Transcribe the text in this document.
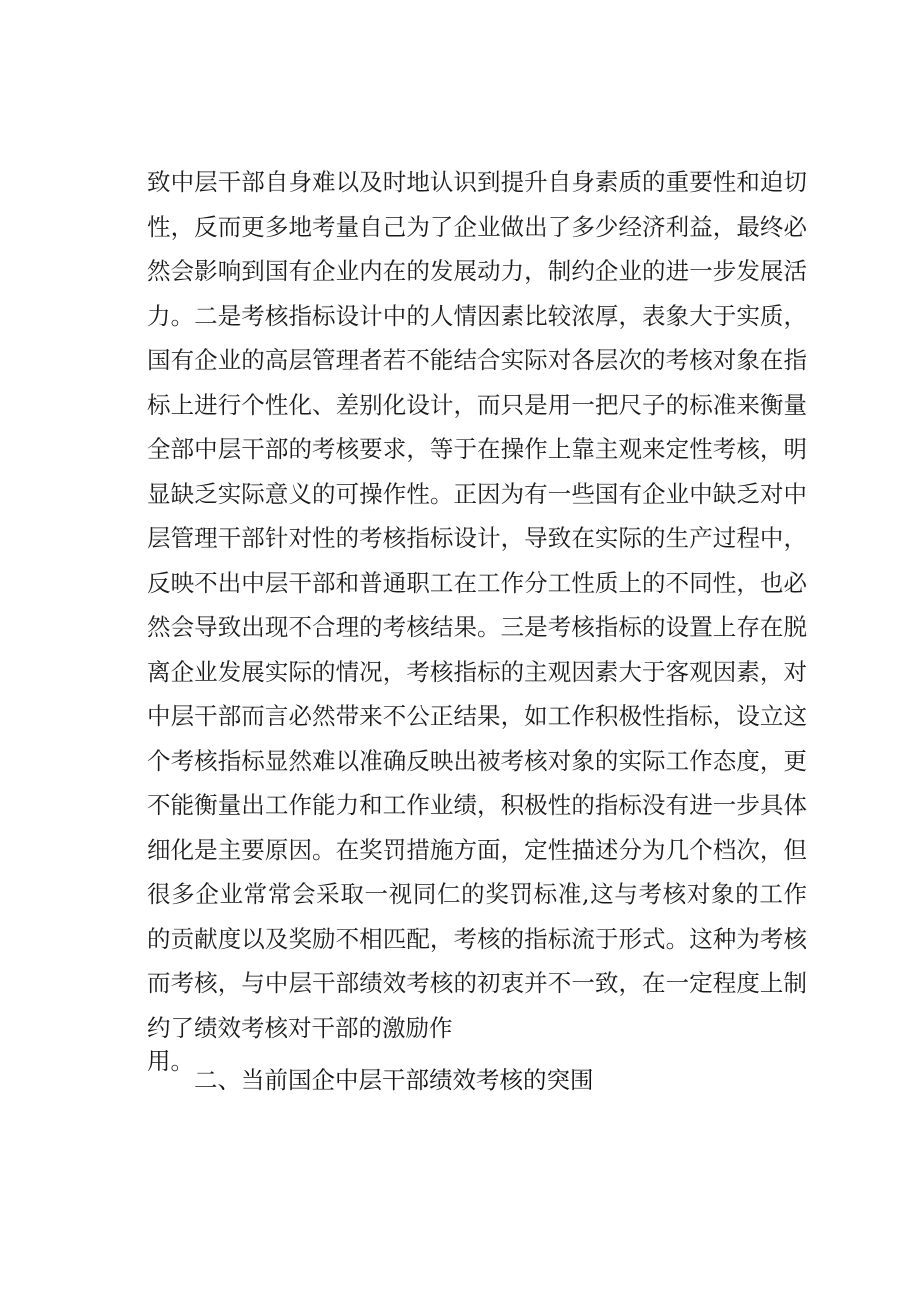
致中层干部自身难以及时地认识到提升自身素质的重要性和迫切
性，反而更多地考量自己为了企业做出了多少经济利益，最终必
然会影响到国有企业内在的发展动力，制约企业的进一步发展活
力。二是考核指标设计中的人情因素比较浓厚，表象大于实质，
国有企业的高层管理者若不能结合实际对各层次的考核对象在指
标上进行个性化、差别化设计，而只是用一把尺子的标准来衡量
全部中层干部的考核要求，等于在操作上靠主观来定性考核，明
显缺乏实际意义的可操作性。正因为有一些国有企业中缺乏对中
层管理干部针对性的考核指标设计，导致在实际的生产过程中，
反映不出中层干部和普通职工在工作分工性质上的不同性，也必
然会导致出现不合理的考核结果。三是考核指标的设置上存在脱
离企业发展实际的情况，考核指标的主观因素大于客观因素，对
中层干部而言必然带来不公正结果，如工作积极性指标，设立这
个考核指标显然难以准确反映出被考核对象的实际工作态度，更
不能衡量出工作能力和工作业绩，积极性的指标没有进一步具体
细化是主要原因。在奖罚措施方面，定性描述分为几个档次，但
很多企业常常会采取一视同仁的奖罚标准,这与考核对象的工作
的贡献度以及奖励不相匹配，考核的指标流于形式。这种为考核
而考核，与中层干部绩效考核的初衷并不一致，在一定程度上制
约了绩效考核对干部的激励作
用。
二、当前国企中层干部绩效考核的突围
